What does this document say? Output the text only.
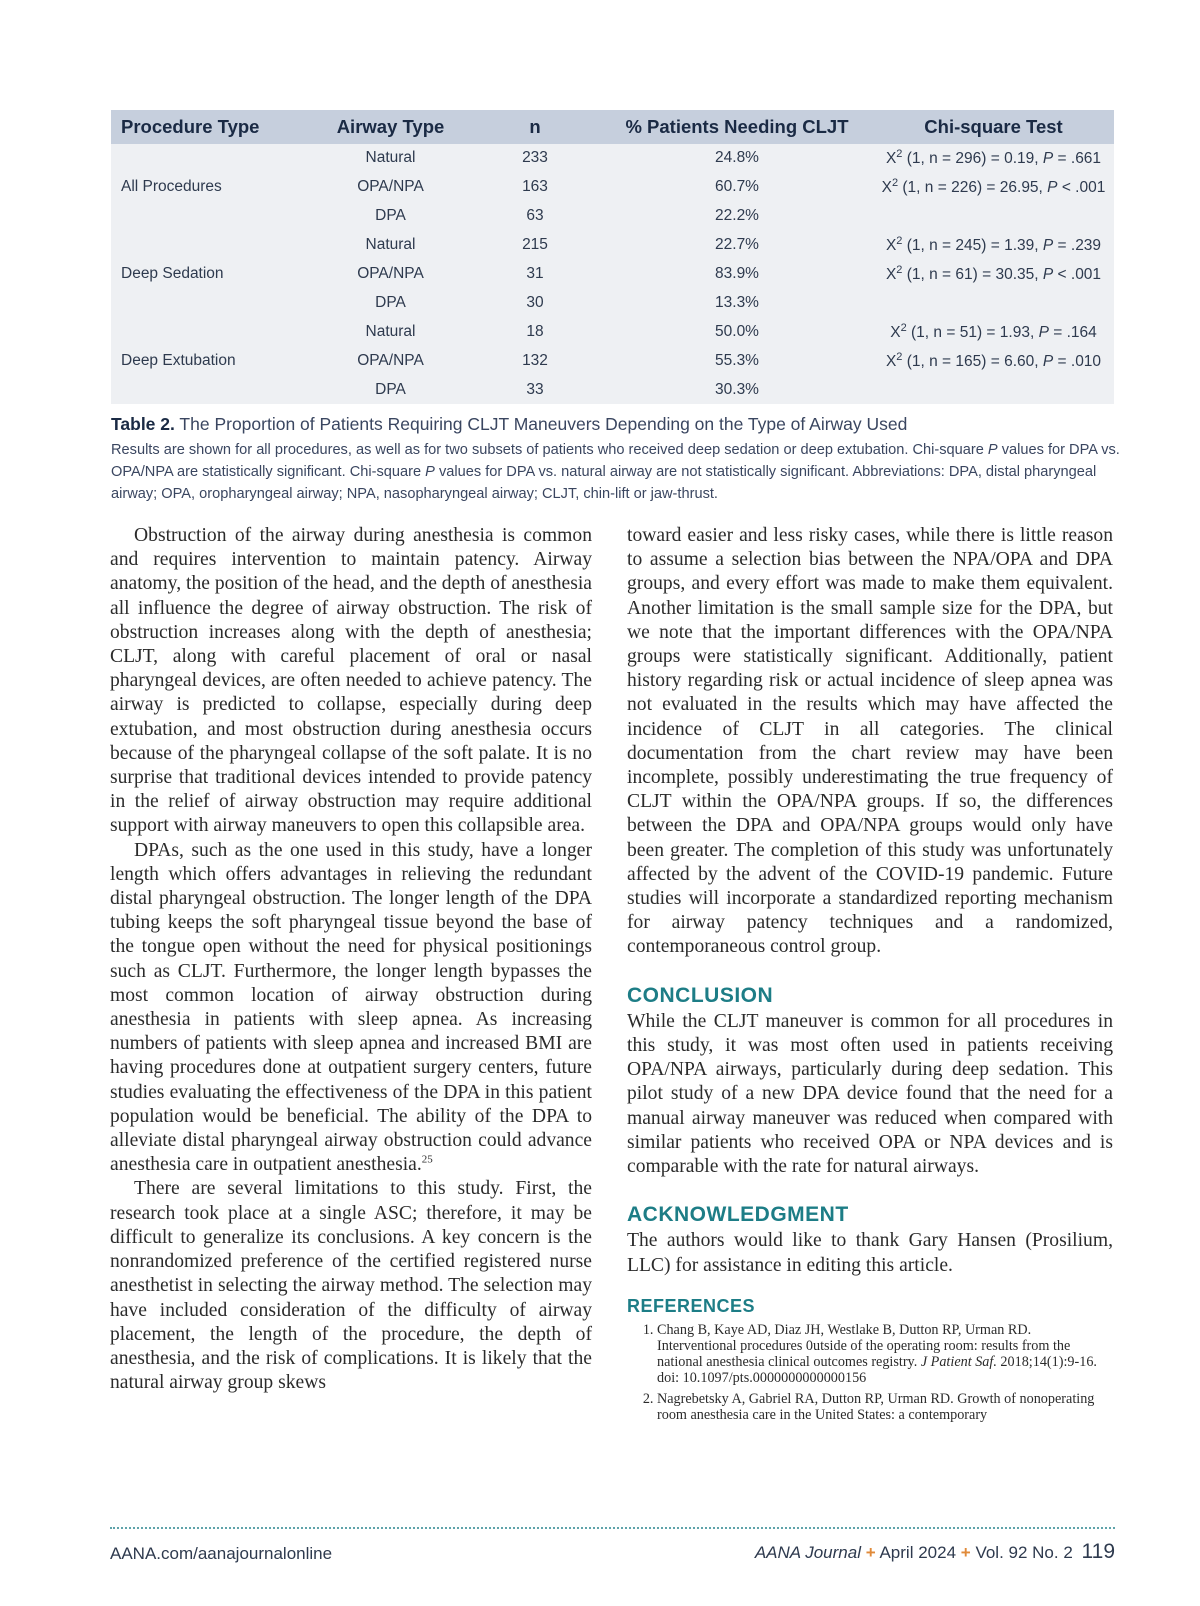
Procedure Type	Airway Type	n	% Patients Needing CLJT	Chi-square Test
	Natural	233	24.8%	$X^2$ (1, n = 296) = 0.19, P = .661
All Procedures	OPA/NPA	163	60.7%	$X^2$ (1, n = 226) = 26.95, P < .001
	DPA	63	22.2%	
	Natural	215	22.7%	$X^2$ (1, n = 245) = 1.39, P = .239
Deep Sedation	OPA/NPA	31	83.9%	$X^2$ (1, n = 61) = 30.35, P < .001
	DPA	30	13.3%	
	Natural	18	50.0%	$X^2$ (1, n = 51) = 1.93, P = .164
Deep Extubation	OPA/NPA	132	55.3%	$X^2$ (1, n = 165) = 6.60, P = .010
	DPA	33	30.3%	

Table 2. The Proportion of Patients Requiring CLJT Maneuvers Depending on the Type of Airway Used

Results are shown for all procedures, as well as for two subsets of patients who received deep sedation or deep extubation. Chi-square P values for DPA vs. OPA/NPA are statistically significant. Chi-square P values for DPA vs. natural airway are not statistically significant. Abbreviations: DPA, distal pharyngeal airway; OPA, oropharyngeal airway; NPA, nasopharyngeal airway; CLJT, chin-lift or jaw-thrust.

Obstruction of the airway during anesthesia is common and requires intervention to maintain patency. Airway anatomy, the position of the head, and the depth of anesthesia all influence the degree of airway obstruction. The risk of obstruction increases along with the depth of anesthesia; CLJT, along with careful placement of oral or nasal pharyngeal devices, are often needed to achieve patency. The airway is predicted to collapse, especially during deep extubation, and most obstruction during anesthesia occurs because of the pharyngeal collapse of the soft palate. It is no surprise that traditional devices intended to provide patency in the relief of airway obstruction may require additional support with airway maneuvers to open this collapsible area.

DPAs, such as the one used in this study, have a longer length which offers advantages in relieving the redundant distal pharyngeal obstruction. The longer length of the DPA tubing keeps the soft pharyngeal tissue beyond the base of the tongue open without the need for physical positionings such as CLJT. Furthermore, the longer length bypasses the most common location of airway obstruction during anesthesia in patients with sleep apnea. As increasing numbers of patients with sleep apnea and increased BMI are having procedures done at outpatient surgery centers, future studies evaluating the effectiveness of the DPA in this patient population would be beneficial. The ability of the DPA to alleviate distal pharyngeal airway obstruction could advance anesthesia care in outpatient anesthesia.$^{25}$

There are several limitations to this study. First, the research took place at a single ASC; therefore, it may be difficult to generalize its conclusions. A key concern is the nonrandomized preference of the certified registered nurse anesthetist in selecting the airway method. The selection may have included consideration of the difficulty of airway placement, the length of the procedure, the depth of anesthesia, and the risk of complications. It is likely that the natural airway group skews

toward easier and less risky cases, while there is little reason to assume a selection bias between the NPA/OPA and DPA groups, and every effort was made to make them equivalent. Another limitation is the small sample size for the DPA, but we note that the important differences with the OPA/NPA groups were statistically significant. Additionally, patient history regarding risk or actual incidence of sleep apnea was not evaluated in the results which may have affected the incidence of CLJT in all categories. The clinical documentation from the chart review may have been incomplete, possibly underestimating the true frequency of CLJT within the OPA/NPA groups. If so, the differences between the DPA and OPA/NPA groups would only have been greater. The completion of this study was unfortunately affected by the advent of the COVID-19 pandemic. Future studies will incorporate a standardized reporting mechanism for airway patency techniques and a randomized, contemporaneous control group.

CONCLUSION

While the CLJT maneuver is common for all procedures in this study, it was most often used in patients receiving OPA/NPA airways, particularly during deep sedation. This pilot study of a new DPA device found that the need for a manual airway maneuver was reduced when compared with similar patients who received OPA or NPA devices and is comparable with the rate for natural airways.

ACKNOWLEDGMENT

The authors would like to thank Gary Hansen (Prosilium, LLC) for assistance in editing this article.

REFERENCES
1. Chang B, Kaye AD, Diaz JH, Westlake B, Dutton RP, Urman RD. Interventional procedures 0utside of the operating room: results from the national anesthesia clinical outcomes registry. J Patient Saf. 2018;14(1):9-16. doi: 10.1097/pts.0000000000000156
2. Nagrebetsky A, Gabriel RA, Dutton RP, Urman RD. Growth of nonoperating room anesthesia care in the United States: a contemporary
AANA.com/aanajournalonline	AANA Journal + April 2024 + Vol. 92 No. 2 119
